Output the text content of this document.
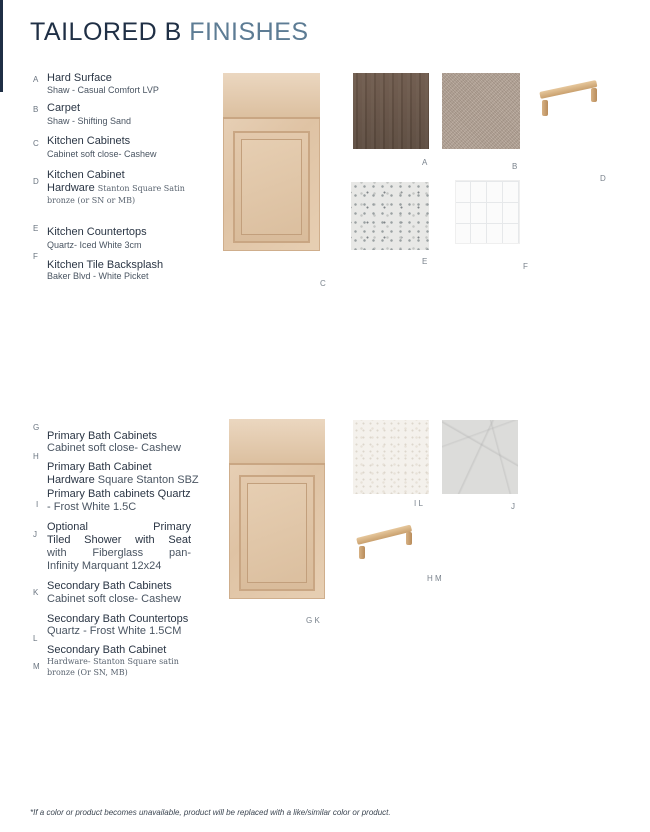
TAILORED B FINISHES
A Hard Surface
Shaw - Casual Comfort LVP
B Carpet
Shaw - Shifting Sand
C Kitchen Cabinets
Cabinet soft close- Cashew
D
Kitchen Cabinet
Hardware Stanton Square Satin
bronze (or SN or MB)
E Kitchen Countertops
Quartz- Iced White 3cm
F
Kitchen Tile Backsplash
Baker Blvd - White Picket
C
A	B
D
E
F
G
Primary Bath Cabinets
Cabinet soft close- Cashew
H
Primary Bath Cabinet
Hardware Square Stanton SBZ
Primary Bath cabinets Quartz
I - Frost White 1.5C
J
Optional Primary
Tiled Shower with Seat
with Fiberglass pan-
Infinity Marquant 12x24
K
Secondary Bath Cabinets
Cabinet soft close- Cashew
Secondary Bath Countertops
Quartz - Frost White 1.5CM
L
Secondary Bath Cabinet
M
Hardware- Stanton Square satin
bronze (Or SN, MB)
G K
I L	J
H M
*If a color or product becomes unavailable, product will be replaced with a like/similar color or product.
